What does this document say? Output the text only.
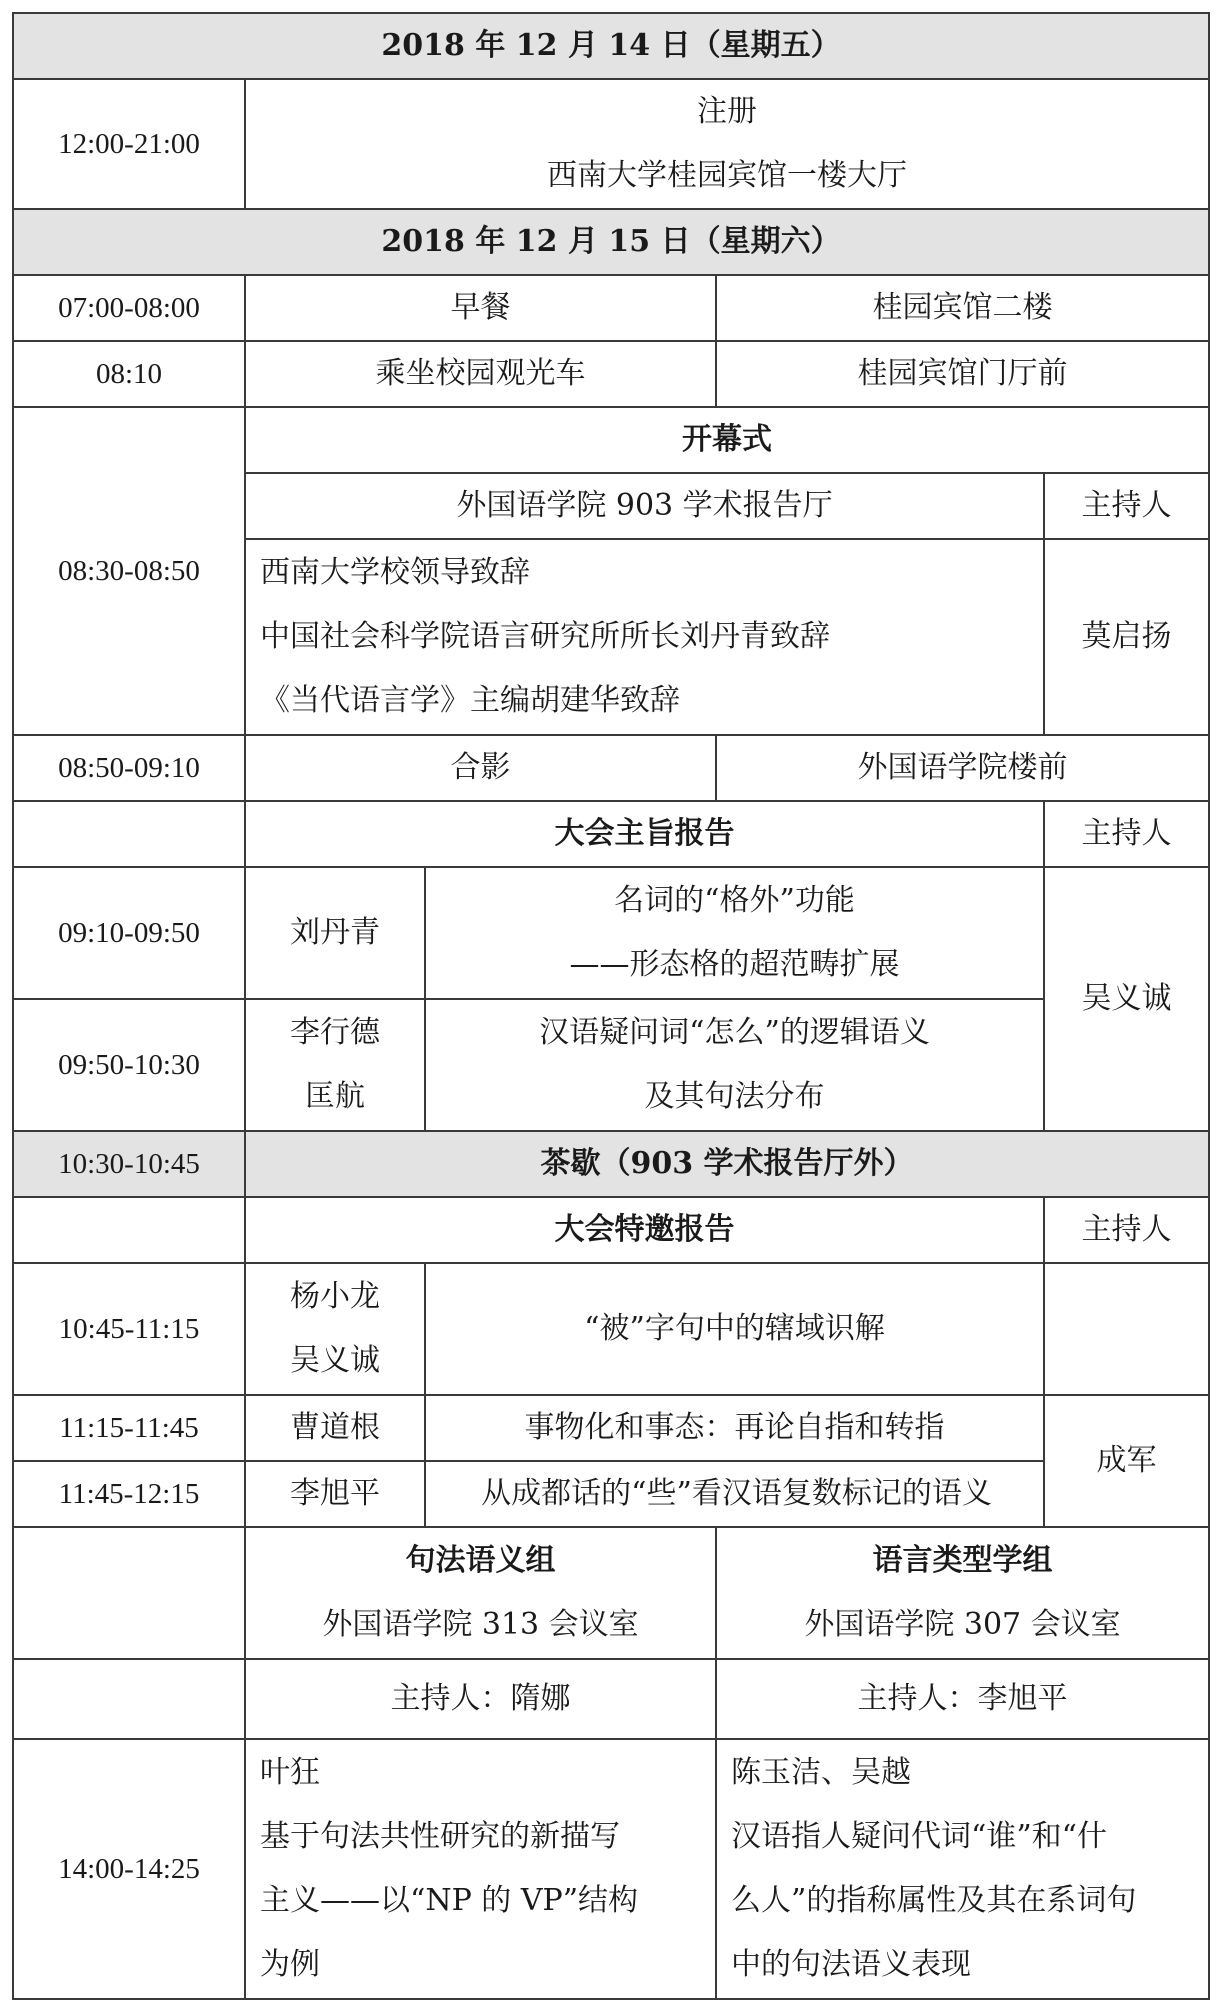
2018 年 12 月 14 日（星期五）				
12:00-21:00	注册
西南大学桂园宾馆一楼大厅			

2018 年 12 月 15 日（星期六）				
07:00-08:00	早餐		桂园宾馆二楼	
08:10	乘坐校园观光车		桂园宾馆门厅前	
08:30-08:50	开幕式			
	外国语学院 903 学术报告厅			主持人

	西南大学校领导致辞
中国社会科学院语言研究所所长刘丹青致辞
《当代语言学》主编胡建华致辞			莫启扬
08:50-09:10	合影		外国语学院楼前	
	大会主旨报告			主持人
09:10-09:50	刘丹青	名词的“格外”功能
——形态格的超范畴扩展		吴义诚
09:50-10:30	李行德
匡航	汉语疑问词“怎么”的逻辑语义
及其句法分布		

10:30-10:45	茶歇（903 学术报告厅外）			
	大会特邀报告			主持人
10:45-11:15	杨小龙
吴义诚	“被”字句中的辖域识解		
11:15-11:45	曹道根	事物化和事态：再论自指和转指		成军
11:45-12:15	李旭平	从成都话的“些”看汉语复数标记的语义		

	句法语义组
外国语学院 313 会议室		语言类型学组
外国语学院 307 会议室	

	主持人：隋娜		主持人：李旭平	
14:00-14:25	叶狂
基于句法共性研究的新描写
主义——以“NP 的 VP”结构
为例		陈玉洁、吴越
汉语指人疑问代词“谁”和“什
么人”的指称属性及其在系词句
中的句法语义表现	
